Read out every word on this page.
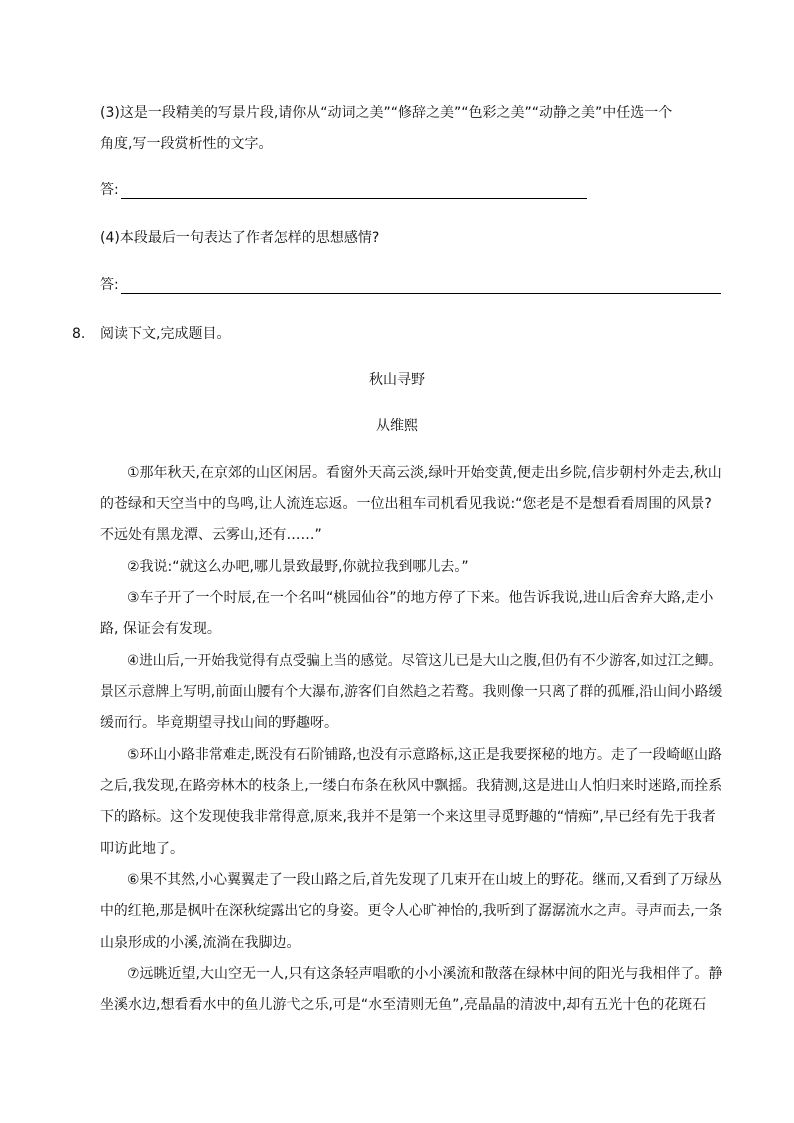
(3)这是一段精美的写景片段,请你从“动词之美”“修辞之美”“色彩之美”“动静之美”中任选一个
角度,写一段赏析性的文字。
答:
(4)本段最后一句表达了作者怎样的思想感情?
答:
8. 阅读下文,完成题目。
秋山寻野
从维熙
①那年秋天,在京郊的山区闲居。看窗外天高云淡,绿叶开始变黄,便走出乡院,信步朝村外走去,秋山
的苍绿和天空当中的鸟鸣,让人流连忘返。一位出租车司机看见我说:“您老是不是想看看周围的风景?
不远处有黑龙潭、云雾山,还有……”
②我说:“就这么办吧,哪儿景致最野,你就拉我到哪儿去。”
③车子开了一个时辰,在一个名叫“桃园仙谷”的地方停了下来。他告诉我说,进山后舍弃大路,走小
路, 保证会有发现。
④进山后,一开始我觉得有点受骗上当的感觉。尽管这儿已是大山之腹,但仍有不少游客,如过江之鲫。
景区示意牌上写明,前面山腰有个大瀑布,游客们自然趋之若鹜。我则像一只离了群的孤雁,沿山间小路缓
缓而行。毕竟期望寻找山间的野趣呀。
⑤环山小路非常难走,既没有石阶铺路,也没有示意路标,这正是我要探秘的地方。走了一段崎岖山路
之后,我发现,在路旁林木的枝条上,一缕白布条在秋风中飘摇。我猜测,这是进山人怕归来时迷路,而拴系
下的路标。这个发现使我非常得意,原来,我并不是第一个来这里寻觅野趣的“情痴”,早已经有先于我者
叩访此地了。
⑥果不其然,小心翼翼走了一段山路之后,首先发现了几束开在山坡上的野花。继而,又看到了万绿丛
中的红艳,那是枫叶在深秋绽露出它的身姿。更令人心旷神怡的,我听到了潺潺流水之声。寻声而去,一条
山泉形成的小溪,流淌在我脚边。
⑦远眺近望,大山空无一人,只有这条轻声唱歌的小小溪流和散落在绿林中间的阳光与我相伴了。静
坐溪水边,想看看水中的鱼儿游弋之乐,可是“水至清则无鱼”,亮晶晶的清波中,却有五光十色的花斑石
